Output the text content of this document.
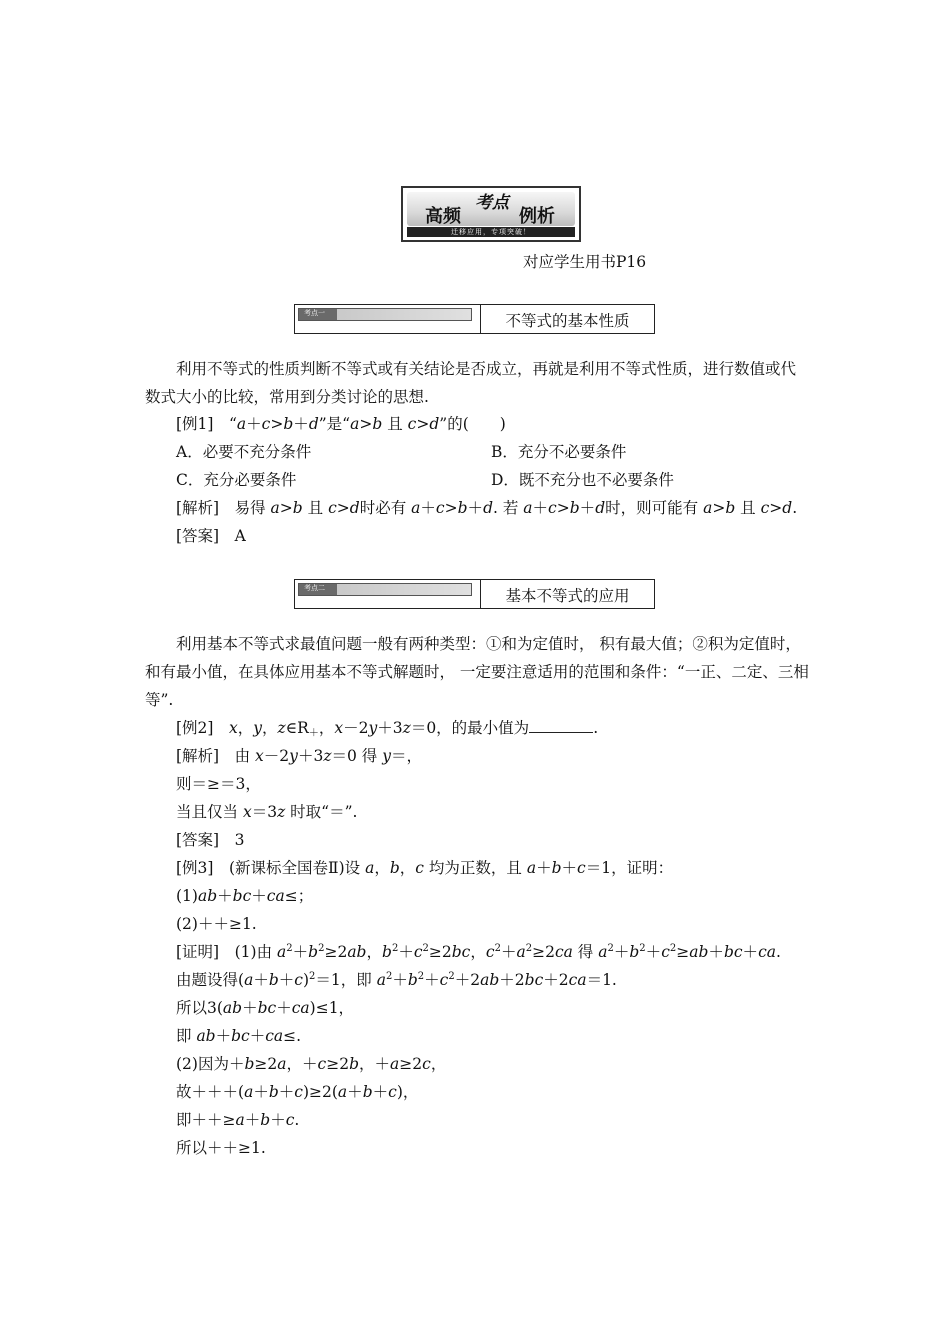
高频
考点
例析
迁移应用，专项突破！
对应学生用书P16
考点一	不等式的基本性质
利用不等式的性质判断不等式或有关结论是否成立，再就是利用不等式性质，进行数值或代数式大小的比较，常用到分类讨论的思想.
[例1]　“a＋c>b＋d”是“a>b 且 c>d”的(　　)
A．必要不充分条件	B．充分不必要条件
C．充分必要条件	D．既不充分也不必要条件
[解析]　易得 a>b 且 c>d时必有 a＋c>b＋d. 若 a＋c>b＋d时，则可能有 a>b 且 c>d.
[答案]　 A
考点二	基本不等式的应用
利用基本不等式求最值问题一般有两种类型：①和为定值时， 积有最大值；②积为定值时，和有最小值，在具体应用基本不等式解题时， 一定要注意适用的范围和条件：“一正、二定、三相等”.
[例2]　 x，y，$z\in R_+$，x－2y＋3z＝0，的最小值为	.
[解析]　由 x－2y＋3z＝0 得 y＝，
则＝≥＝3，
当且仅当 x＝3z 时取“＝”.
[答案]　 3
[例3]　 (新课标全国卷Ⅱ)设 a，b，c 均为正数，且 a＋b＋c＝1，证明：
(1)ab＋bc＋ca≤；
(2)＋＋≥1.
[证明]　(1)由 $a^2+b^2\ge 2ab$，$b^2+c^2\ge 2bc$，$c^2+a^2\ge 2ca$ 得 $a^2+b^2+c^2\ge ab+bc+ca$.
由题设得$(a+b+c)^2=1$，即 $a^2+b^2+c^2+2ab+2bc+2ca=1$.
所以3(ab＋bc＋ca)≤1，
即 ab＋bc＋ca≤.
(2)因为＋b≥2a，＋c≥2b，＋a≥2c，
故＋＋＋(a＋b＋c)≥2(a＋b＋c)，
即＋＋≥a＋b＋c.
所以＋＋≥1.
